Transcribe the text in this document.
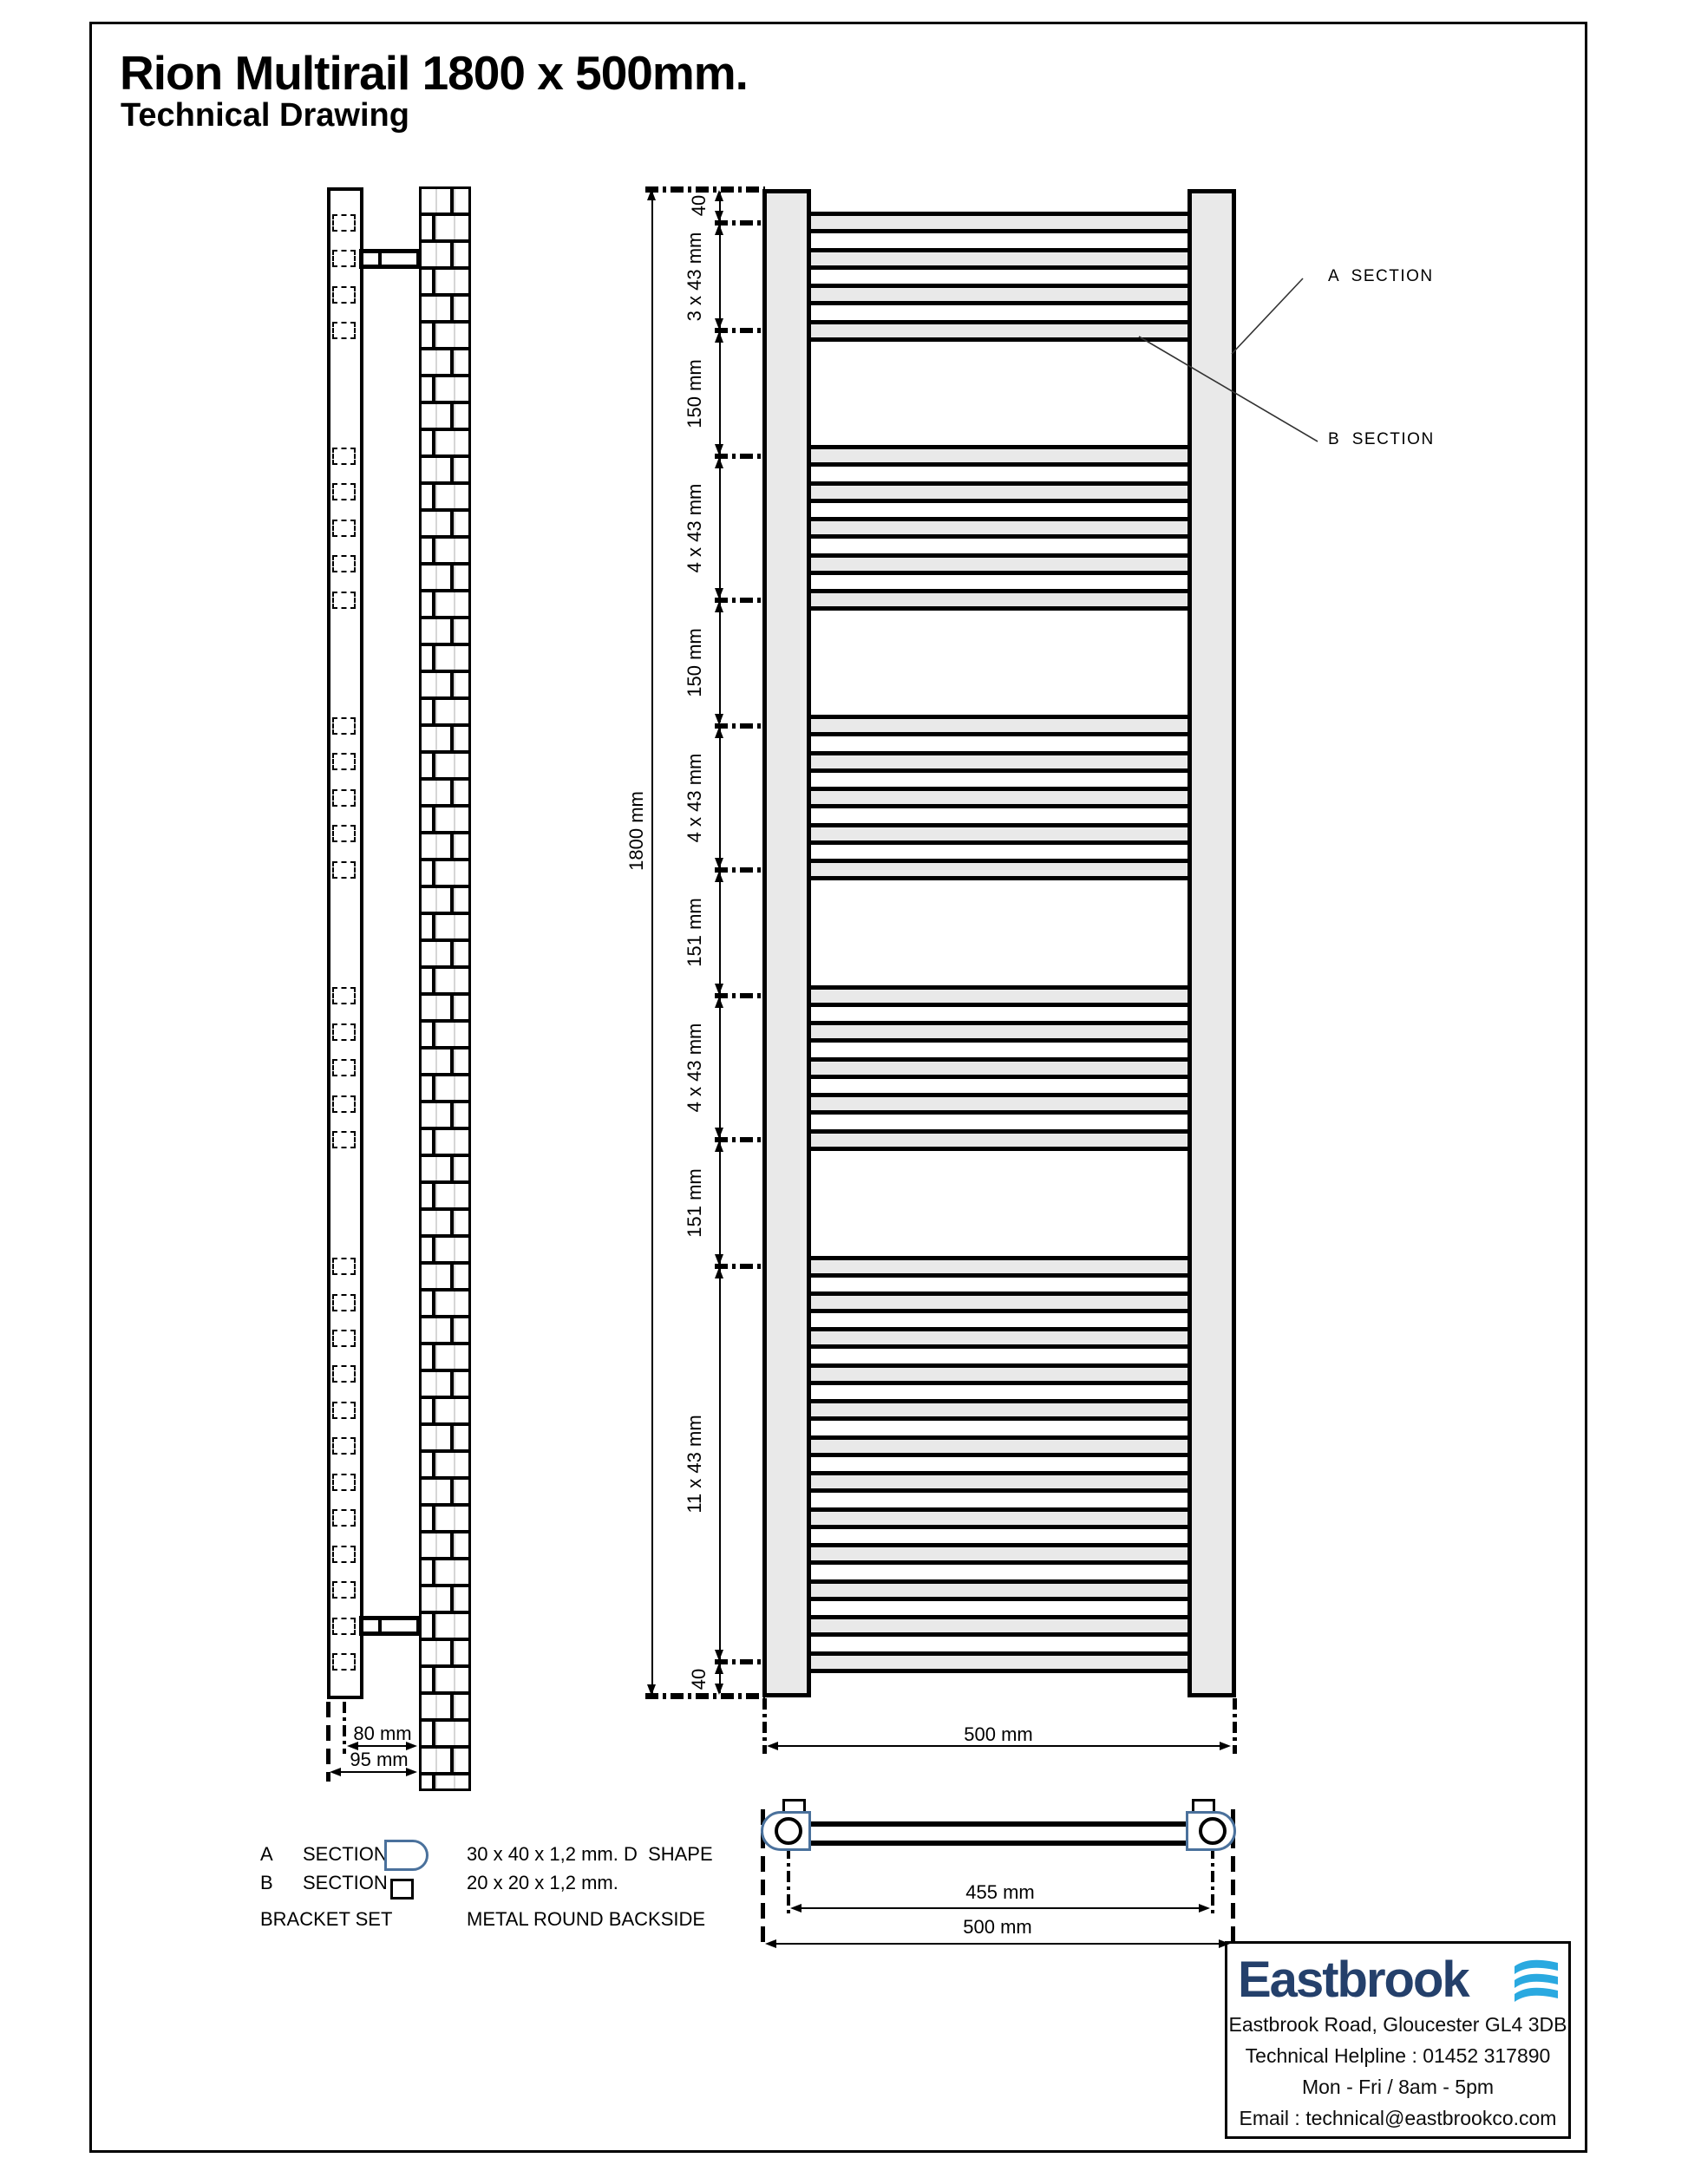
Rion Multirail 1800 x 500mm.
Technical Drawing
40
3 x 43 mm
150 mm
4 x 43 mm
150 mm
4 x 43 mm
151 mm
4 x 43 mm
151 mm
11 x 43 mm
40
1800 mm
500 mm
80 mm
95 mm
455 mm
500 mm
A  SECTION
B  SECTION
A SECTION	30 x 40 x 1,2 mm. D  SHAPE
B SECTION	20 x 20 x 1,2 mm.
BRACKET SET	METAL ROUND BACKSIDE
Eastbrook
Eastbrook Road, Gloucester GL4 3DB
Technical Helpline : 01452 317890
Mon - Fri / 8am - 5pm
Email : technical@eastbrookco.com
